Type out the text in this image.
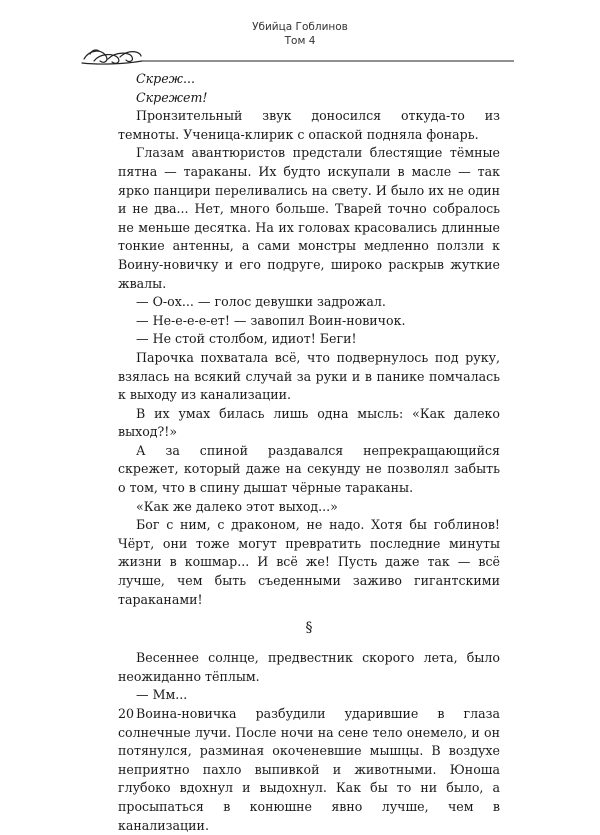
Убийца Гоблинов
Том 4

Скреж...

Скрежет!

Пронзительный звук доносился откуда-то из темноты. Ученица-клирик с опаской подняла фонарь.

Глазам авантюристов предстали блестящие тёмные пятна — тараканы. Их будто искупали в масле — так ярко панцири переливались на свету. И было их не один и не два... Нет, много больше. Тварей точно собралось не меньше десятка. На их головах красовались длинные тонкие антенны, а сами монстры медленно ползли к Воину-новичку и его подруге, широко раскрыв жуткие жвалы.

— О-ох... — голос девушки задрожал.

— Не-е-е-е-ет! — завопил Воин-новичок.

— Не стой столбом, идиот! Беги!

Парочка похватала всё, что подвернулось под руку, взялась на всякий случай за руки и в панике помчалась к выходу из канализации.

В их умах билась лишь одна мысль: «Как далеко выход?!»

А за спиной раздавался непрекращающийся скрежет, который даже на секунду не позволял забыть о том, что в спину дышат чёрные тараканы.

«Как же далеко этот выход...»

Бог с ним, с драконом, не надо. Хотя бы гоблинов! Чёрт, они тоже могут превратить последние минуты жизни в кошмар... И всё же! Пусть даже так — всё лучше, чем быть съеденными заживо гигантскими тараканами!

§

Весеннее солнце, предвестник скорого лета, было неожиданно тёплым.

— Мм...

Воина-новичка разбудили ударившие в глаза солнечные лучи. После ночи на сене тело онемело, и он потянулся, разминая окоченевшие мышцы. В воздухе неприятно пахло выпивкой и животными. Юноша глубоко вдохнул и выдохнул. Как бы то ни было, а просыпаться в конюшне явно лучше, чем в канализации.

20
